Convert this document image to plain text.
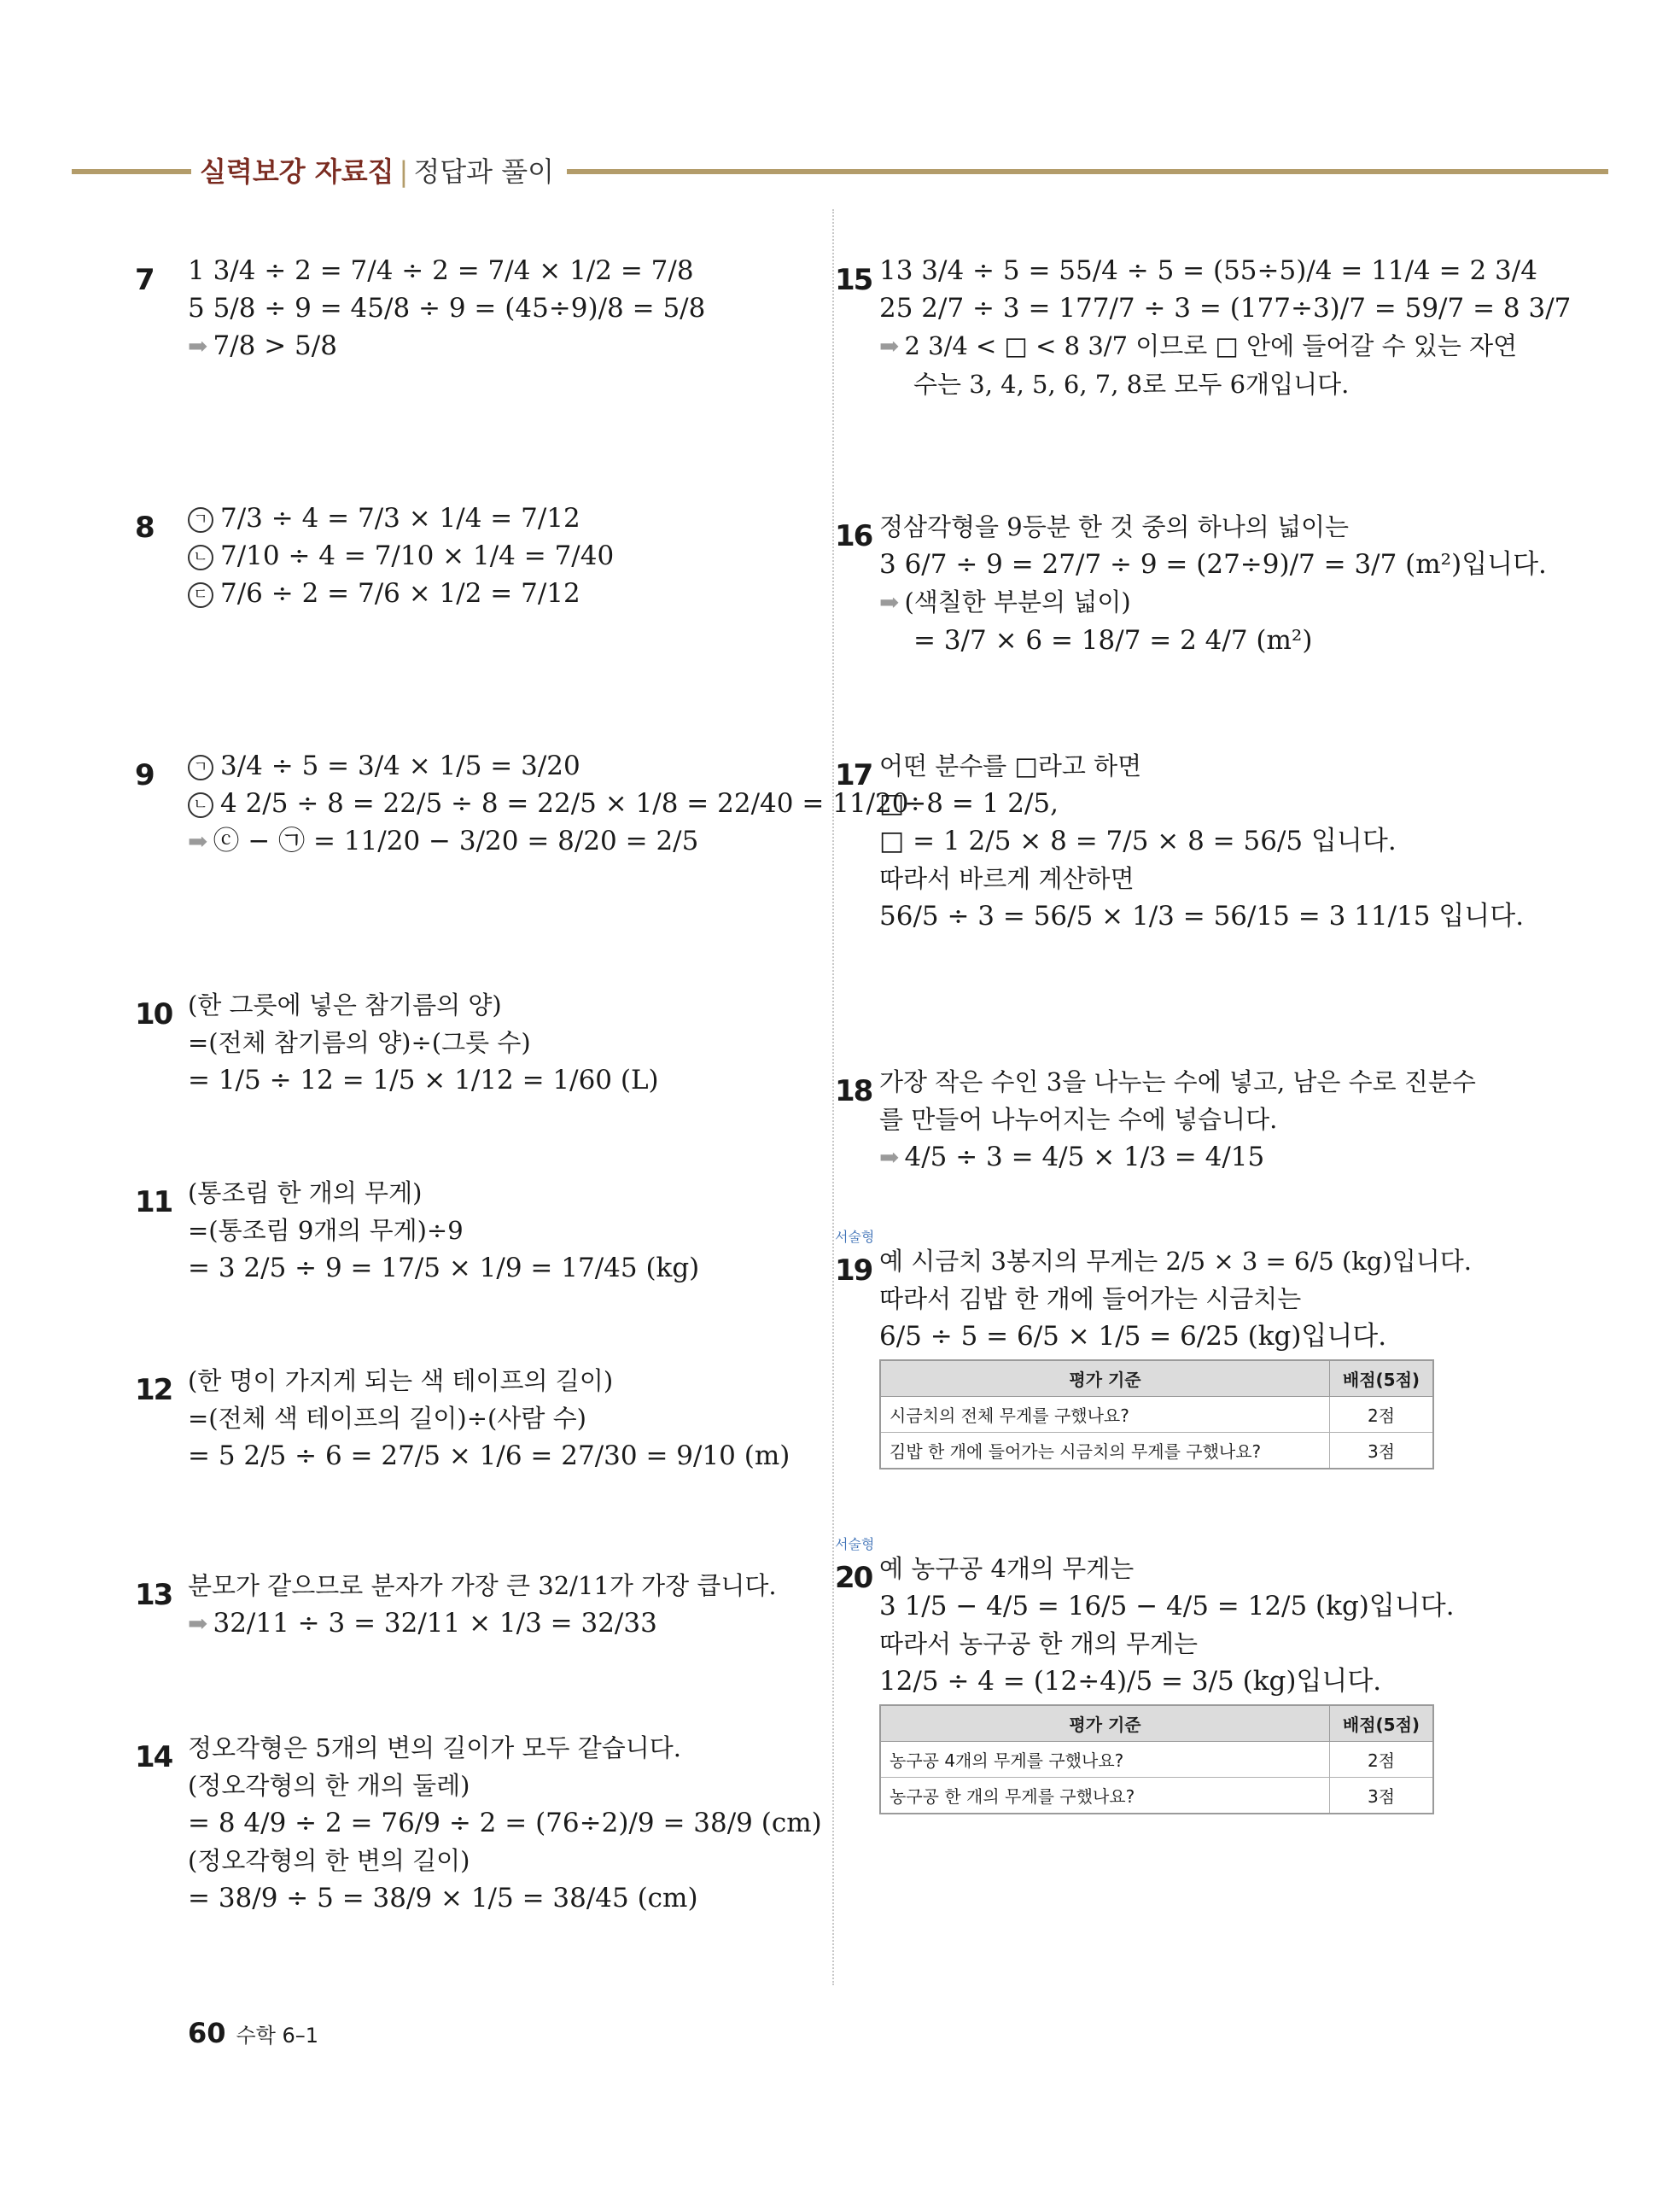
실력보강 자료집 | 정답과 풀이
7 1 3/4 ÷ 2 = 7/4 ÷ 2 = 7/4 × 1/2 = 7/8
5 5/8 ÷ 9 = 45/8 ÷ 9 = (45÷9)/8 = 5/8
➡ 7/8 > 5/8
8	ㄱ 7/3 ÷ 4 = 7/3 × 1/4 = 7/12
ㄴ 7/10 ÷ 4 = 7/10 × 1/4 = 7/40
ㄷ 7/6 ÷ 2 = 7/6 × 1/2 = 7/12
9	ㄱ 3/4 ÷ 5 = 3/4 × 1/5 = 3/20
ㄴ 4 2/5 ÷ 8 = 22/5 ÷ 8 = 22/5 × 1/8 = 22/40 = 11/20
➡ ⓒ − ㉠ = 11/20 − 3/20 = 8/20 = 2/5
10 (한 그릇에 넣은 참기름의 양)
=(전체 참기름의 양)÷(그릇 수)
= 1/5 ÷ 12 = 1/5 × 1/12 = 1/60 (L)
11 (통조림 한 개의 무게)
=(통조림 9개의 무게)÷9
= 3 2/5 ÷ 9 = 17/5 × 1/9 = 17/45 (kg)
12 (한 명이 가지게 되는 색 테이프의 길이)
=(전체 색 테이프의 길이)÷(사람 수)
= 5 2/5 ÷ 6 = 27/5 × 1/6 = 27/30 = 9/10 (m)
13 분모가 같으므로 분자가 가장 큰 32/11가 가장 큽니다.
➡ 32/11 ÷ 3 = 32/11 × 1/3 = 32/33
14 정오각형은 5개의 변의 길이가 모두 같습니다.
(정오각형의 한 개의 둘레)
= 8 4/9 ÷ 2 = 76/9 ÷ 2 = (76÷2)/9 = 38/9 (cm)
(정오각형의 한 변의 길이)
= 38/9 ÷ 5 = 38/9 × 1/5 = 38/45 (cm)
15 13 3/4 ÷ 5 = 55/4 ÷ 5 = (55÷5)/4 = 11/4 = 2 3/4
25 2/7 ÷ 3 = 177/7 ÷ 3 = (177÷3)/7 = 59/7 = 8 3/7
➡ 2 3/4 < □ < 8 3/7 이므로 □ 안에 들어갈 수 있는 자연
수는 3, 4, 5, 6, 7, 8로 모두 6개입니다.
16 정삼각형을 9등분 한 것 중의 하나의 넓이는
3 6/7 ÷ 9 = 27/7 ÷ 9 = (27÷9)/7 = 3/7 (m²)입니다.
➡ (색칠한 부분의 넓이)
= 3/7 × 6 = 18/7 = 2 4/7 (m²)
17 어떤 분수를 □라고 하면
□÷8 = 1 2/5,
□ = 1 2/5 × 8 = 7/5 × 8 = 56/5 입니다.
따라서 바르게 계산하면
56/5 ÷ 3 = 56/5 × 1/3 = 56/15 = 3 11/15 입니다.
18 가장 작은 수인 3을 나누는 수에 넣고, 남은 수로 진분수
를 만들어 나누어지는 수에 넣습니다.
➡ 4/5 ÷ 3 = 4/5 × 1/3 = 4/15
서술형
19 예 시금치 3봉지의 무게는 2/5 × 3 = 6/5 (kg)입니다.
따라서 김밥 한 개에 들어가는 시금치는
6/5 ÷ 5 = 6/5 × 1/5 = 6/25 (kg)입니다.
평가 기준	배점(5점)
시금치의 전체 무게를 구했나요?	2점
김밥 한 개에 들어가는 시금치의 무게를 구했나요?	3점
서술형
20 예 농구공 4개의 무게는
3 1/5 − 4/5 = 16/5 − 4/5 = 12/5 (kg)입니다.
따라서 농구공 한 개의 무게는
12/5 ÷ 4 = (12÷4)/5 = 3/5 (kg)입니다.
평가 기준	배점(5점)
농구공 4개의 무게를 구했나요?	2점
농구공 한 개의 무게를 구했나요?	3점
60 수학 6–1
